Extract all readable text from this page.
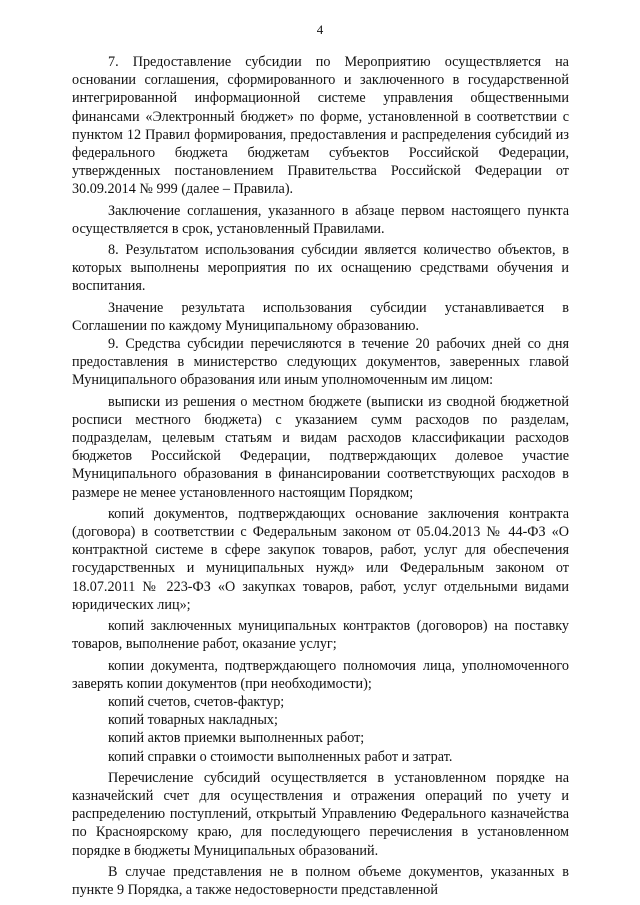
4

7. Предоставление субсидии по Мероприятию осуществляется на основании соглашения, сформированного и заключенного в государственной интегрированной информационной системе управления общественными финансами «Электронный бюджет» по форме, установленной в соответствии с пунктом 12 Правил формирования, предоставления и распределения субсидий из федерального бюджета бюджетам субъектов Российской Федерации, утвержденных постановлением Правительства Российской Федерации от 30.09.2014 № 999 (далее – Правила).

Заключение соглашения, указанного в абзаце первом настоящего пункта осуществляется в срок, установленный Правилами.

8. Результатом использования субсидии является количество объектов, в которых выполнены мероприятия по их оснащению средствами обучения и воспитания.

Значение результата использования субсидии устанавливается в Соглашении по каждому Муниципальному образованию.

9. Средства субсидии перечисляются в течение 20 рабочих дней со дня предоставления в министерство следующих документов, заверенных главой Муниципального образования или иным уполномоченным им лицом:

выписки из решения о местном бюджете (выписки из сводной бюджетной росписи местного бюджета) с указанием сумм расходов по разделам, подразделам, целевым статьям и видам расходов классификации расходов бюджетов Российской Федерации, подтверждающих долевое участие Муниципального образования в финансировании соответствующих расходов в размере не менее установленного настоящим Порядком;

копий документов, подтверждающих основание заключения контракта (договора) в соответствии с Федеральным законом от 05.04.2013 № 44-ФЗ «О контрактной системе в сфере закупок товаров, работ, услуг для обеспечения государственных и муниципальных нужд» или Федеральным законом от 18.07.2011 № 223-ФЗ «О закупках товаров, работ, услуг отдельными видами юридических лиц»;

копий заключенных муниципальных контрактов (договоров) на поставку товаров, выполнение работ, оказание услуг;

копии документа, подтверждающего полномочия лица, уполномоченного заверять копии документов (при необходимости);

копий счетов, счетов-фактур;

копий товарных накладных;

копий актов приемки выполненных работ;

копий справки о стоимости выполненных работ и затрат.

Перечисление субсидий осуществляется в установленном порядке на казначейский счет для осуществления и отражения операций по учету и распределению поступлений, открытый Управлению Федерального казначейства по Красноярскому краю, для последующего перечисления в установленном порядке в бюджеты Муниципальных образований.

В случае представления не в полном объеме документов, указанных в пункте 9 Порядка, а также недостоверности представленной
